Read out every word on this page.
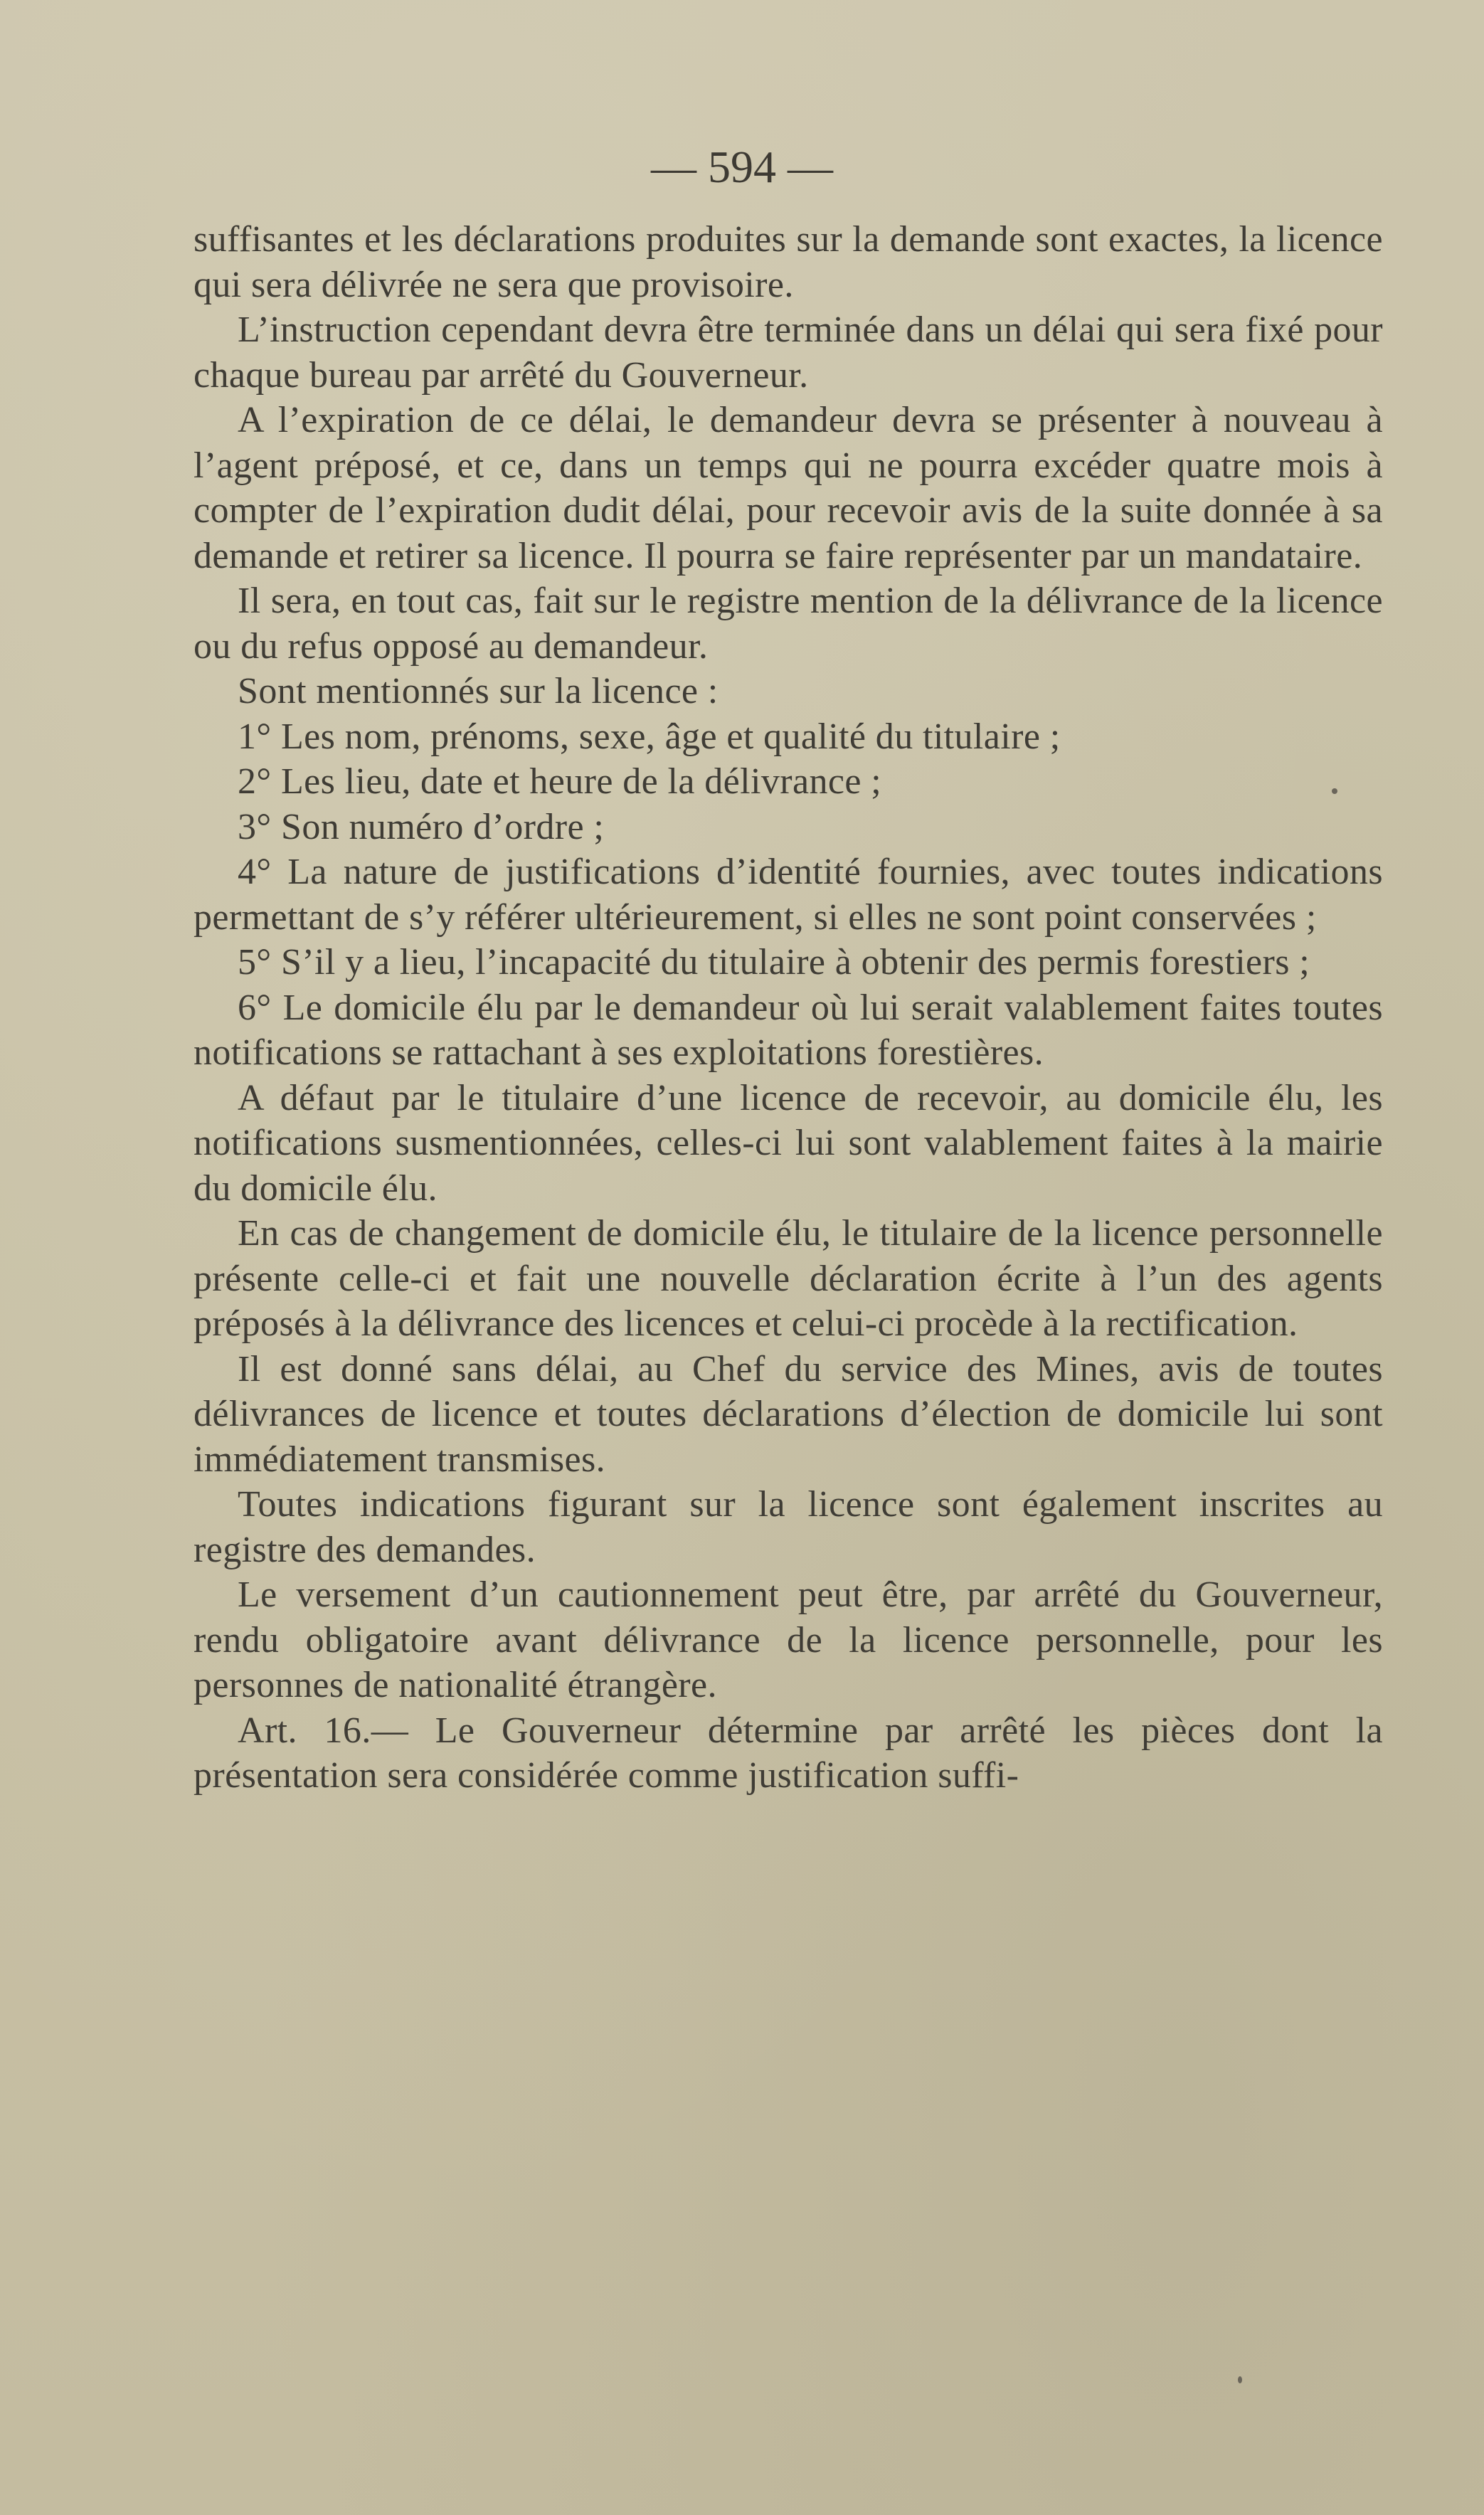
— 594 —

suffisantes et les déclarations produites sur la demande sont exactes, la licence qui sera délivrée ne sera que provisoire.

L’instruction cependant devra être terminée dans un délai qui sera fixé pour chaque bureau par arrêté du Gouverneur.

A l’expiration de ce délai, le demandeur devra se présenter à nouveau à l’agent préposé, et ce, dans un temps qui ne pourra excéder quatre mois à compter de l’expiration dudit délai, pour recevoir avis de la suite donnée à sa demande et retirer sa licence. Il pourra se faire représenter par un mandataire.

Il sera, en tout cas, fait sur le registre mention de la délivrance de la licence ou du refus opposé au demandeur.

Sont mentionnés sur la licence :

1° Les nom, prénoms, sexe, âge et qualité du titulaire ;

2° Les lieu, date et heure de la délivrance ;

3° Son numéro d’ordre ;

4° La nature de justifications d’identité fournies, avec toutes indications permettant de s’y référer ultérieurement, si elles ne sont point conservées ;

5° S’il y a lieu, l’incapacité du titulaire à obtenir des permis forestiers ;

6° Le domicile élu par le demandeur où lui serait valablement faites toutes notifications se rattachant à ses exploitations forestières.

A défaut par le titulaire d’une licence de recevoir, au domicile élu, les notifications susmentionnées, celles-ci lui sont valablement faites à la mairie du domicile élu.

En cas de changement de domicile élu, le titulaire de la licence personnelle présente celle-ci et fait une nouvelle déclaration écrite à l’un des agents préposés à la délivrance des licences et celui-ci procède à la rectification.

Il est donné sans délai, au Chef du service des Mines, avis de toutes délivrances de licence et toutes déclarations d’élection de domicile lui sont immédiatement transmises.

Toutes indications figurant sur la licence sont également inscrites au registre des demandes.

Le versement d’un cautionnement peut être, par arrêté du Gouverneur, rendu obligatoire avant délivrance de la licence personnelle, pour les personnes de nationalité étrangère.

Art. 16.— Le Gouverneur détermine par arrêté les pièces dont la présentation sera considérée comme justification suffi-
